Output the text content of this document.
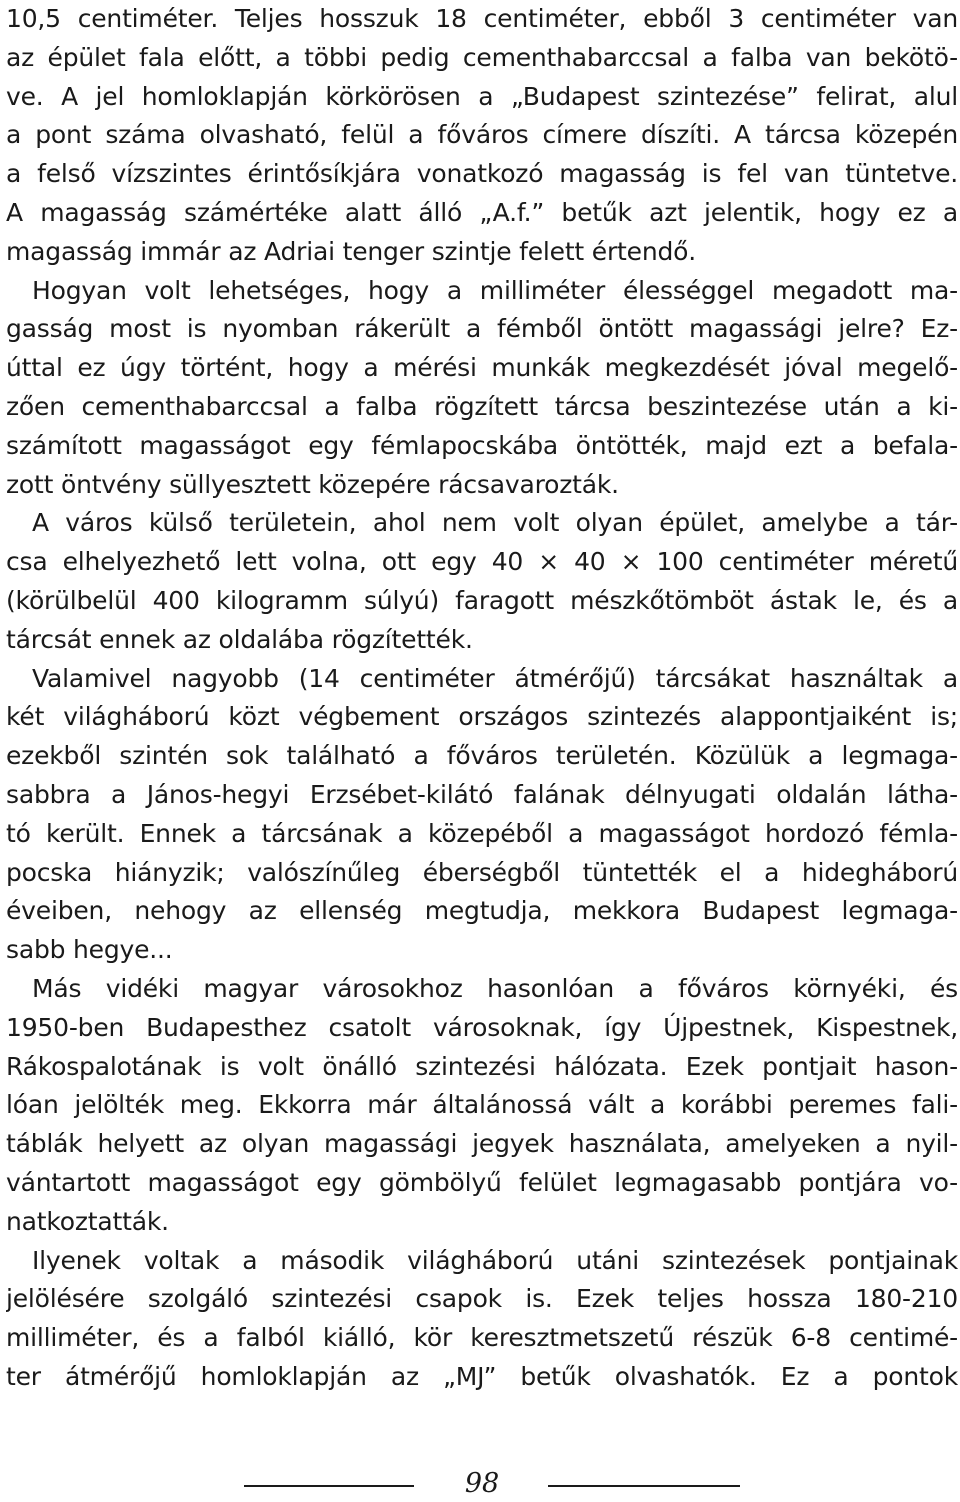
10,5 centiméter. Teljes hosszuk 18 centiméter, ebből 3 centiméter van
az épület fala előtt, a többi pedig cementhabarccsal a falba van bekötö-
ve. A jel homloklapján körkörösen a „Budapest szintezése” felirat, alul
a pont száma olvasható, felül a főváros címere díszíti. A tárcsa közepén
a felső vízszintes érintősíkjára vonatkozó magasság is fel van tüntetve.
A magasság számértéke alatt álló „A.f.” betűk azt jelentik, hogy ez a
magasság immár az Adriai tenger szintje felett értendő.
Hogyan volt lehetséges, hogy a milliméter élességgel megadott ma-
gasság most is nyomban rákerült a fémből öntött magassági jelre? Ez-
úttal ez úgy történt, hogy a mérési munkák megkezdését jóval megelő-
zően cementhabarccsal a falba rögzített tárcsa beszintezése után a ki-
számított magasságot egy fémlapocskába öntötték, majd ezt a befala-
zott öntvény süllyesztett közepére rácsavarozták.
A város külső területein, ahol nem volt olyan épület, amelybe a tár-
csa elhelyezhető lett volna, ott egy 40 × 40 × 100 centiméter méretű
(körülbelül 400 kilogramm súlyú) faragott mészkőtömböt ástak le, és a
tárcsát ennek az oldalába rögzítették.
Valamivel nagyobb (14 centiméter átmérőjű) tárcsákat használtak a
két világháború közt végbement országos szintezés alappontjaiként is;
ezekből szintén sok található a főváros területén. Közülük a legmaga-
sabbra a János-hegyi Erzsébet-kilátó falának délnyugati oldalán látha-
tó került. Ennek a tárcsának a közepéből a magasságot hordozó fémla-
pocska hiányzik; valószínűleg éberségből tüntették el a hidegháború
éveiben, nehogy az ellenség megtudja, mekkora Budapest legmaga-
sabb hegye...
Más vidéki magyar városokhoz hasonlóan a főváros környéki, és
1950-ben Budapesthez csatolt városoknak, így Újpestnek, Kispestnek,
Rákospalotának is volt önálló szintezési hálózata. Ezek pontjait hason-
lóan jelölték meg. Ekkorra már általánossá vált a korábbi peremes fali-
táblák helyett az olyan magassági jegyek használata, amelyeken a nyil-
vántartott magasságot egy gömbölyű felület legmagasabb pontjára vo-
natkoztatták.
Ilyenek voltak a második világháború utáni szintezések pontjainak
jelölésére szolgáló szintezési csapok is. Ezek teljes hossza 180-210
milliméter, és a falból kiálló, kör keresztmetszetű részük 6-8 centimé-
ter átmérőjű homloklapján az „MJ” betűk olvashatók. Ez a pontok
98
